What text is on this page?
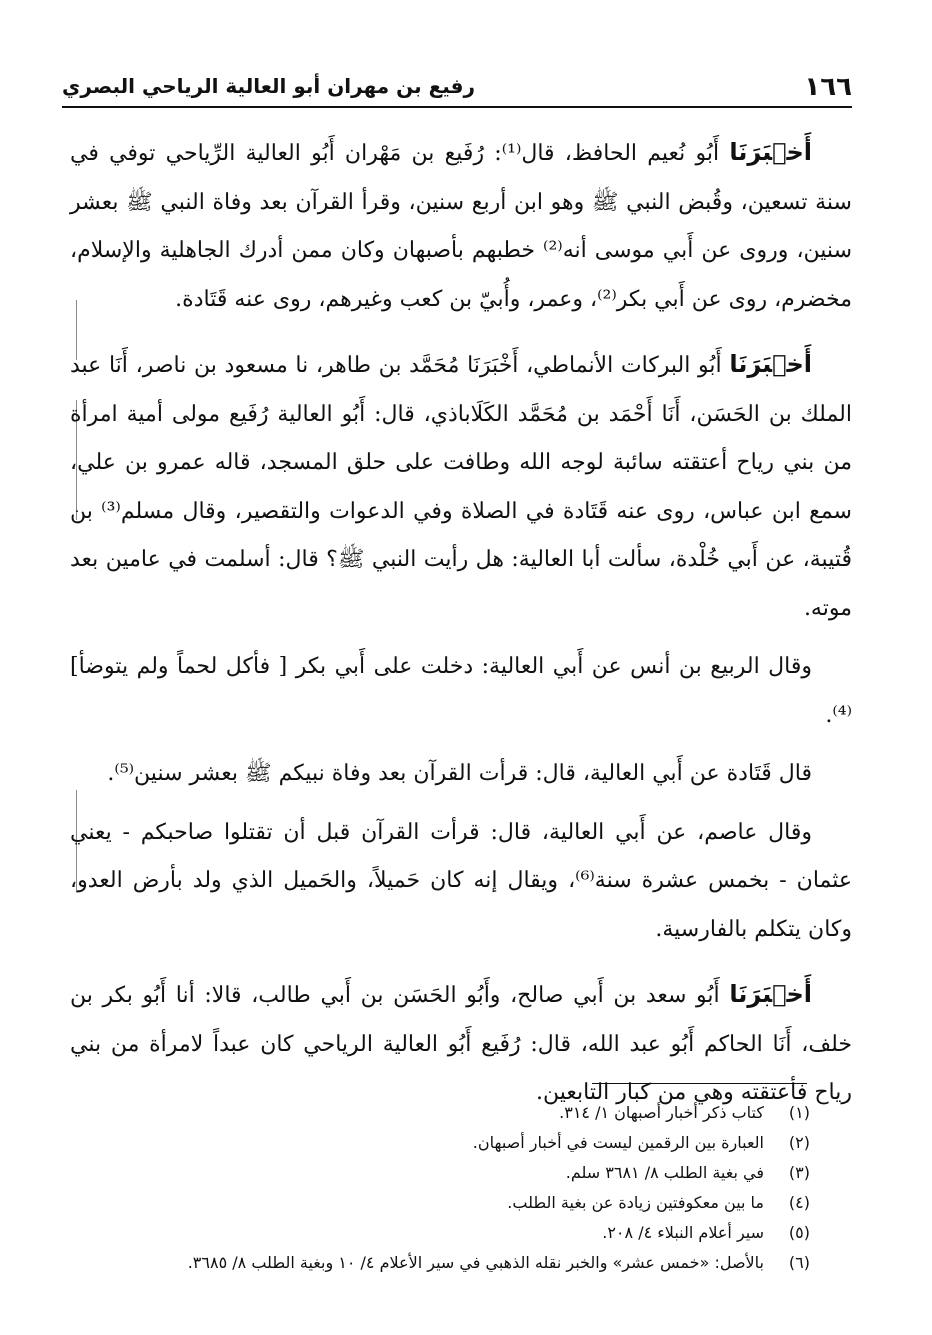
١٦٦
رفيع بن مهران أبو العالية الرياحي البصري

أَخۡبَرَنَا أَبُو نُعيم الحافظ، قال⁽¹⁾: رُفَيع بن مَهْران أَبُو العالية الرِّياحي توفي في سنة تسعين، وقُبض النبي ﷺ وهو ابن أربع سنين، وقرأ القرآن بعد وفاة النبي ﷺ بعشر سنين، وروى عن أَبي موسى أنه⁽²⁾ خطبهم بأصبهان وكان ممن أدرك الجاهلية والإسلام، مخضرم، روى عن أَبي بكر⁽²⁾، وعمر، وأُبيّ بن كعب وغيرهم، روى عنه قَتَادة.

أَخۡبَرَنَا أَبُو البركات الأنماطي، أَخْبَرَنَا مُحَمَّد بن طاهر، نا مسعود بن ناصر، أَنَا عبد الملك بن الحَسَن، أَنَا أَحْمَد بن مُحَمَّد الكَلَاباذي، قال: أَبُو العالية رُفَيع مولى أمية امرأة من بني رياح أعتقته سائبة لوجه الله وطافت على حلق المسجد، قاله عمرو بن علي، سمع ابن عباس، روى عنه قَتَادة في الصلاة وفي الدعوات والتقصير، وقال مسلم⁽³⁾ بن قُتيبة، عن أَبي خُلْدة، سألت أبا العالية: هل رأيت النبي ﷺ؟ قال: أسلمت في عامين بعد موته.

وقال الربيع بن أنس عن أَبي العالية: دخلت على أَبي بكر [ فأكل لحماً ولم يتوضأ]⁽⁴⁾.

قال قَتَادة عن أَبي العالية، قال: قرأت القرآن بعد وفاة نبيكم ﷺ بعشر سنين⁽⁵⁾.

وقال عاصم، عن أَبي العالية، قال: قرأت القرآن قبل أن تقتلوا صاحبكم - يعني عثمان - بخمس عشرة سنة⁽⁶⁾، ويقال إنه كان حَميلاً، والحَميل الذي ولد بأرض العدو، وكان يتكلم بالفارسية.

أَخۡبَرَنَا أَبُو سعد بن أَبي صالح، وأَبُو الحَسَن بن أَبي طالب، قالا: أنا أَبُو بكر بن خلف، أَنَا الحاكم أَبُو عبد الله، قال: رُفَيع أَبُو العالية الرياحي كان عبداً لامرأة من بني رياح فأعتقته وهي من كبار التابعين.

(١)
كتاب ذكر أخبار أصبهان ١/ ٣١٤.
(٢)
العبارة بين الرقمين ليست في أخبار أصبهان.
(٣)
في بغية الطلب ٨/ ٣٦٨١ سلم.
(٤)
ما بين معكوفتين زيادة عن بغية الطلب.
(٥)
سير أعلام النبلاء ٤/ ٢٠٨.
(٦)
بالأصل: «خمس عشر» والخبر نقله الذهبي في سير الأعلام ٤/ ١٠ وبغية الطلب ٨/ ٣٦٨٥.
